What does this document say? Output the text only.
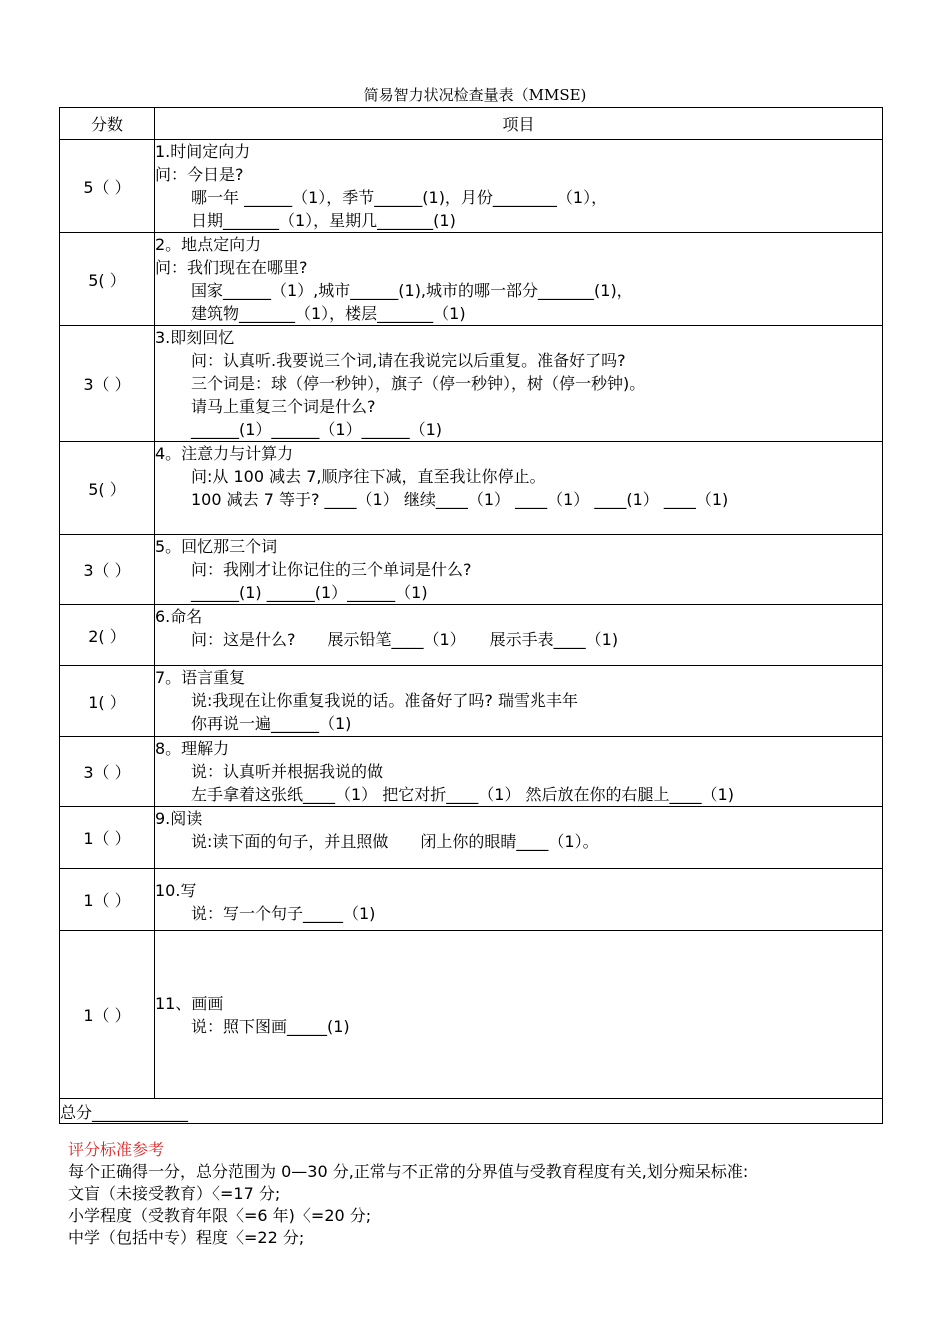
简易智力状况检查量表（MMSE)
分数	项目
5（ ）	1.时间定向力
问：今日是?
哪一年 ______（1），季节______(1)，月份________（1），
日期_______（1），星期几_______(1)

5( ）	2。地点定向力
问：我们现在在哪里?
国家______（1）,城市______(1),城市的哪一部分_______(1)，
建筑物_______（1），楼层_______（1)

3（ ）	3.即刻回忆
问：认真听.我要说三个词,请在我说完以后重复。准备好了吗?
三个词是：球（停一秒钟），旗子（停一秒钟），树（停一秒钟)。
请马上重复三个词是什么?
______(1）______（1）______（1)

5( ）	4。注意力与计算力
问:从 100 减去 7,顺序往下减，直至我让你停止。
100 减去 7 等于? ____（1） 继续____（1） ____（1） ____(1） ____（1)

3（ ）	5。回忆那三个词
问：我刚才让你记住的三个单词是什么?
______(1) ______(1）______（1)

2( ）	6.命名
问：这是什么?　　展示铅笔____（1）　　展示手表____（1)

1( ）	7。语言重复
说:我现在让你重复我说的话。准备好了吗? 瑞雪兆丰年
你再说一遍______（1)

3（ ）	8。理解力
说：认真听并根据我说的做
左手拿着这张纸____（1） 把它对折____（1） 然后放在你的右腿上____（1)

1（ ）	9.阅读
说:读下面的句子，并且照做　　闭上你的眼睛____（1）。

1（ ）	10.写
说：写一个句子_____（1)

1（ ）	11、画画
说：照下图画_____(1)

总分____________	
评分标准参考
每个正确得一分，总分范围为 0—30 分,正常与不正常的分界值与受教育程度有关,划分痴呆标准:
文盲（未接受教育）〈=17 分;
小学程度（受教育年限〈=6 年)〈=20 分;
中学（包括中专）程度〈=22 分;
